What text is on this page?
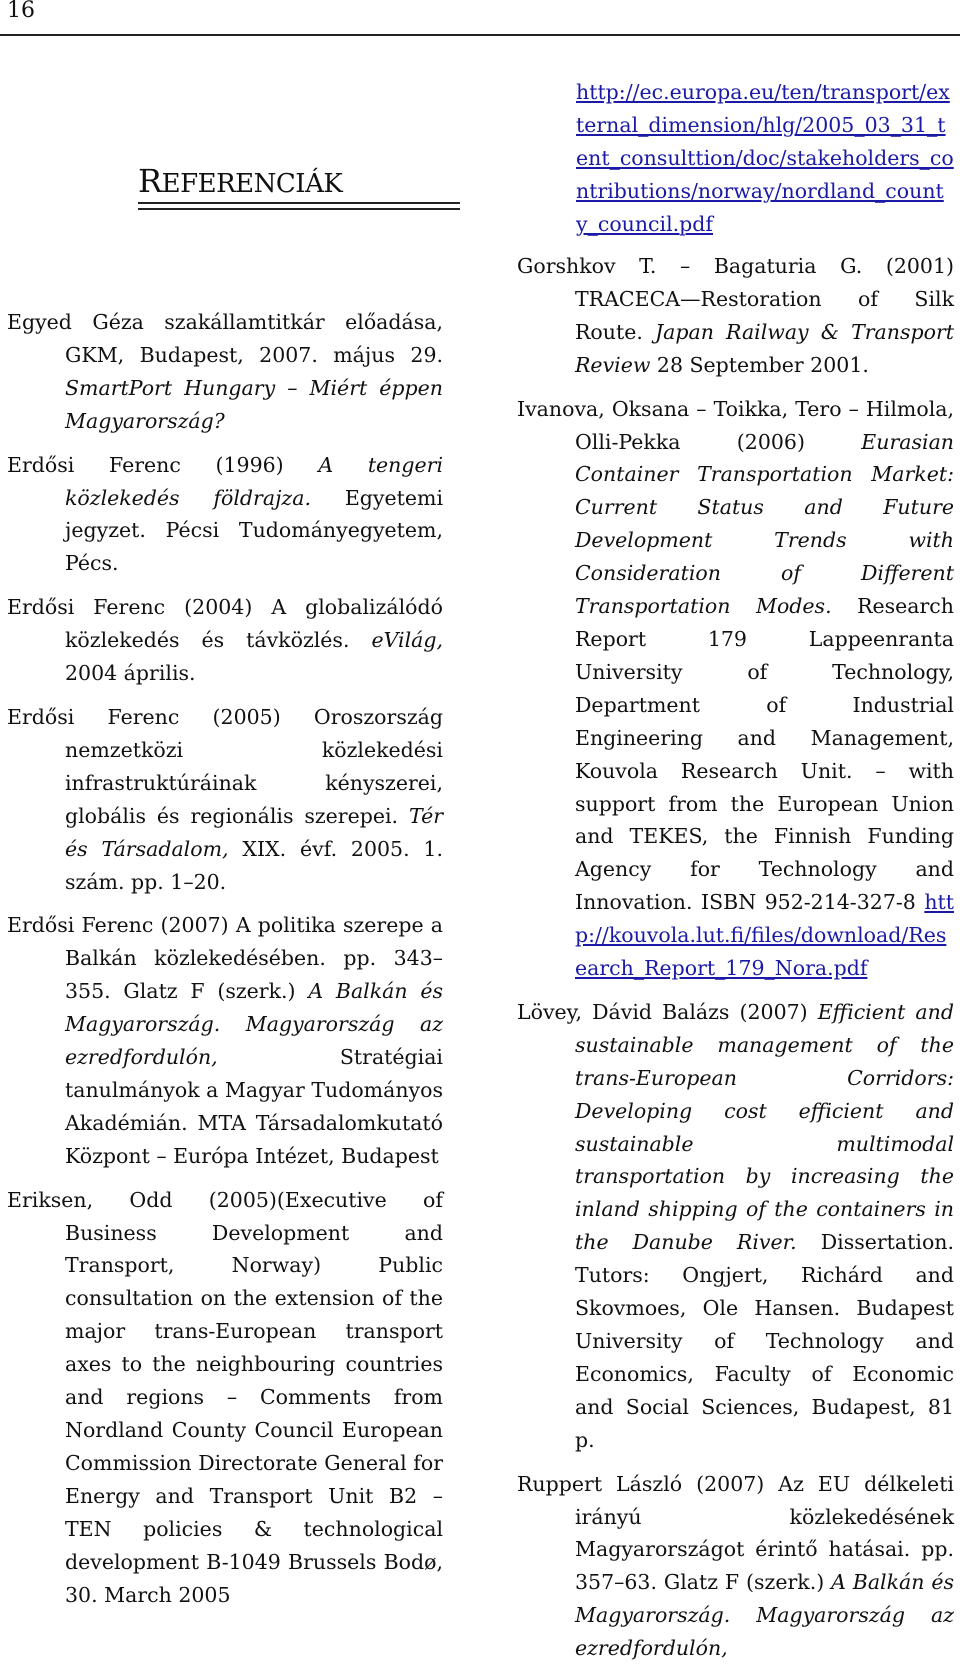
16
REFERENCIÁK

http://ec.europa.eu/ten/transport/external_dimension/hlg/2005_03_31_tent_consulttion/doc/stakeholders_contributions/norway/nordland_county_council.pdf

Egyed Géza szakállamtitkár előadása, GKM, Budapest, 2007. május 29. SmartPort Hungary – Miért éppen Magyarország?

Erdősi Ferenc (1996) A tengeri közlekedés földrajza. Egyetemi jegyzet. Pécsi Tudományegyetem, Pécs.

Erdősi Ferenc (2004) A globalizálódó közlekedés és távközlés. eVilág, 2004 április.

Erdősi Ferenc (2005) Oroszország nemzetközi közlekedési infrastruktúráinak kényszerei, globális és regionális szerepei. Tér és Társadalom, XIX. évf. 2005. 1. szám. pp. 1–20.

Erdősi Ferenc (2007) A politika szerepe a Balkán közlekedésében. pp. 343–355. Glatz F (szerk.) A Balkán és Magyarország. Magyarország az ezredfordulón, Stratégiai tanulmányok a Magyar Tudományos Akadémián. MTA Társadalomkutató Központ – Európa Intézet, Budapest

Eriksen, Odd (2005)(Executive of Business Development and Transport, Norway) Public consultation on the extension of the major trans-European transport axes to the neighbouring countries and regions – Comments from Nordland County Council European Commission Directorate General for Energy and Transport Unit B2 – TEN policies & technological development B-1049 Brussels Bodø, 30. March 2005

Gorshkov T. – Bagaturia G. (2001) TRACECA—Restoration of Silk Route. Japan Railway & Transport Review 28 September 2001.

Ivanova, Oksana – Toikka, Tero – Hilmola, Olli-Pekka (2006) Eurasian Container Transportation Market: Current Status and Future Development Trends with Consideration of Different Transportation Modes. Research Report 179 Lappeenranta University of Technology, Department of Industrial Engineering and Management, Kouvola Research Unit. – with support from the European Union and TEKES, the Finnish Funding Agency for Technology and Innovation. ISBN 952-214-327-8 http://kouvola.lut.fi/files/download/Research_Report_179_Nora.pdf

Lövey, Dávid Balázs (2007) Efficient and sustainable management of the trans-European Corridors: Developing cost efficient and sustainable multimodal transportation by increasing the inland shipping of the containers in the Danube River. Dissertation. Tutors: Ongjert, Richárd and Skovmoes, Ole Hansen. Budapest University of Technology and Economics, Faculty of Economic and Social Sciences, Budapest, 81 p.

Ruppert László (2007) Az EU délkeleti irányú közlekedésének Magyarországot érintő hatásai. pp. 357–63. Glatz F (szerk.) A Balkán és Magyarország. Magyarország az ezredfordulón,
